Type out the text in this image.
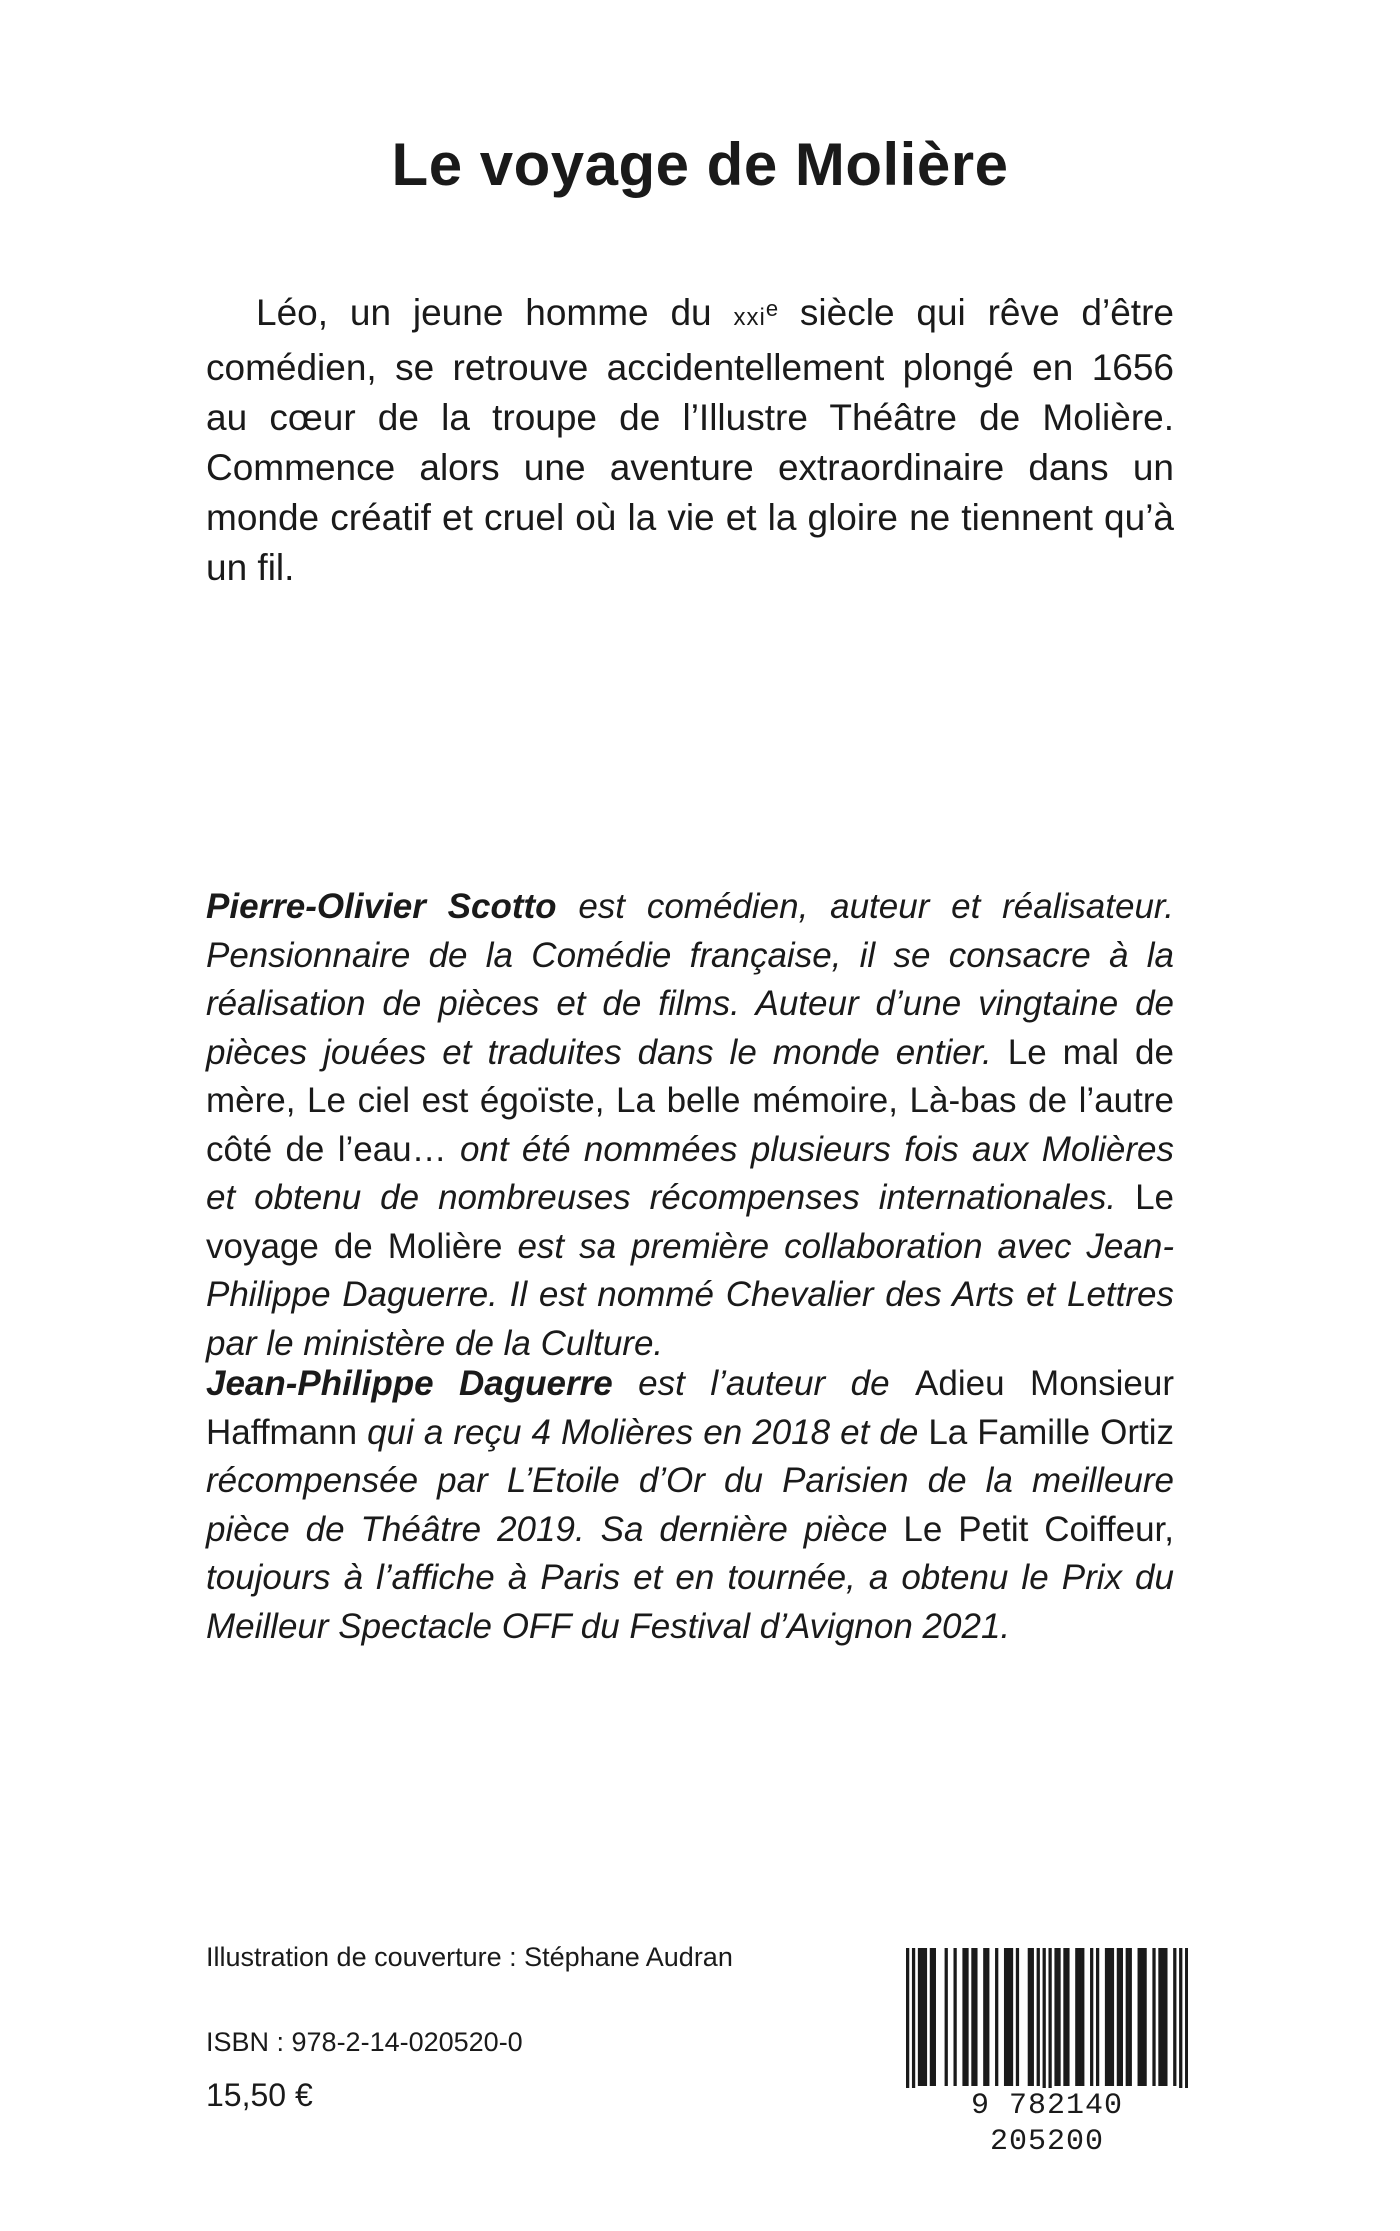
Le voyage de Molière

Léo, un jeune homme du xxi$^e$ siècle qui rêve d’être comédien, se retrouve accidentellement plongé en 1656 au cœur de la troupe de l’Illustre Théâtre de Molière. Commence alors une aventure extraordinaire dans un monde créatif et cruel où la vie et la gloire ne tiennent qu’à un fil.

Pierre-Olivier Scotto est comédien, auteur et réalisateur. Pensionnaire de la Comédie française, il se consacre à la réalisation de pièces et de films. Auteur d’une vingtaine de pièces jouées et traduites dans le monde entier. Le mal de mère, Le ciel est égoïste, La belle mémoire, Là-bas de l’autre côté de l’eau… ont été nommées plusieurs fois aux Molières et obtenu de nombreuses récompenses internationales. Le voyage de Molière est sa première collaboration avec Jean-Philippe Daguerre. Il est nommé Chevalier des Arts et Lettres par le ministère de la Culture.

Jean-Philippe Daguerre est l’auteur de Adieu Monsieur Haffmann qui a reçu 4 Molières en 2018 et de La Famille Ortiz récompensée par L’Etoile d’Or du Parisien de la meilleure pièce de Théâtre 2019. Sa dernière pièce Le Petit Coiffeur, toujours à l’affiche à Paris et en tournée, a obtenu le Prix du Meilleur Spectacle OFF du Festival d’Avignon 2021.

Illustration de couverture : Stéphane Audran
ISBN : 978-2-14-020520-0
15,50 €	9 782140 205200
